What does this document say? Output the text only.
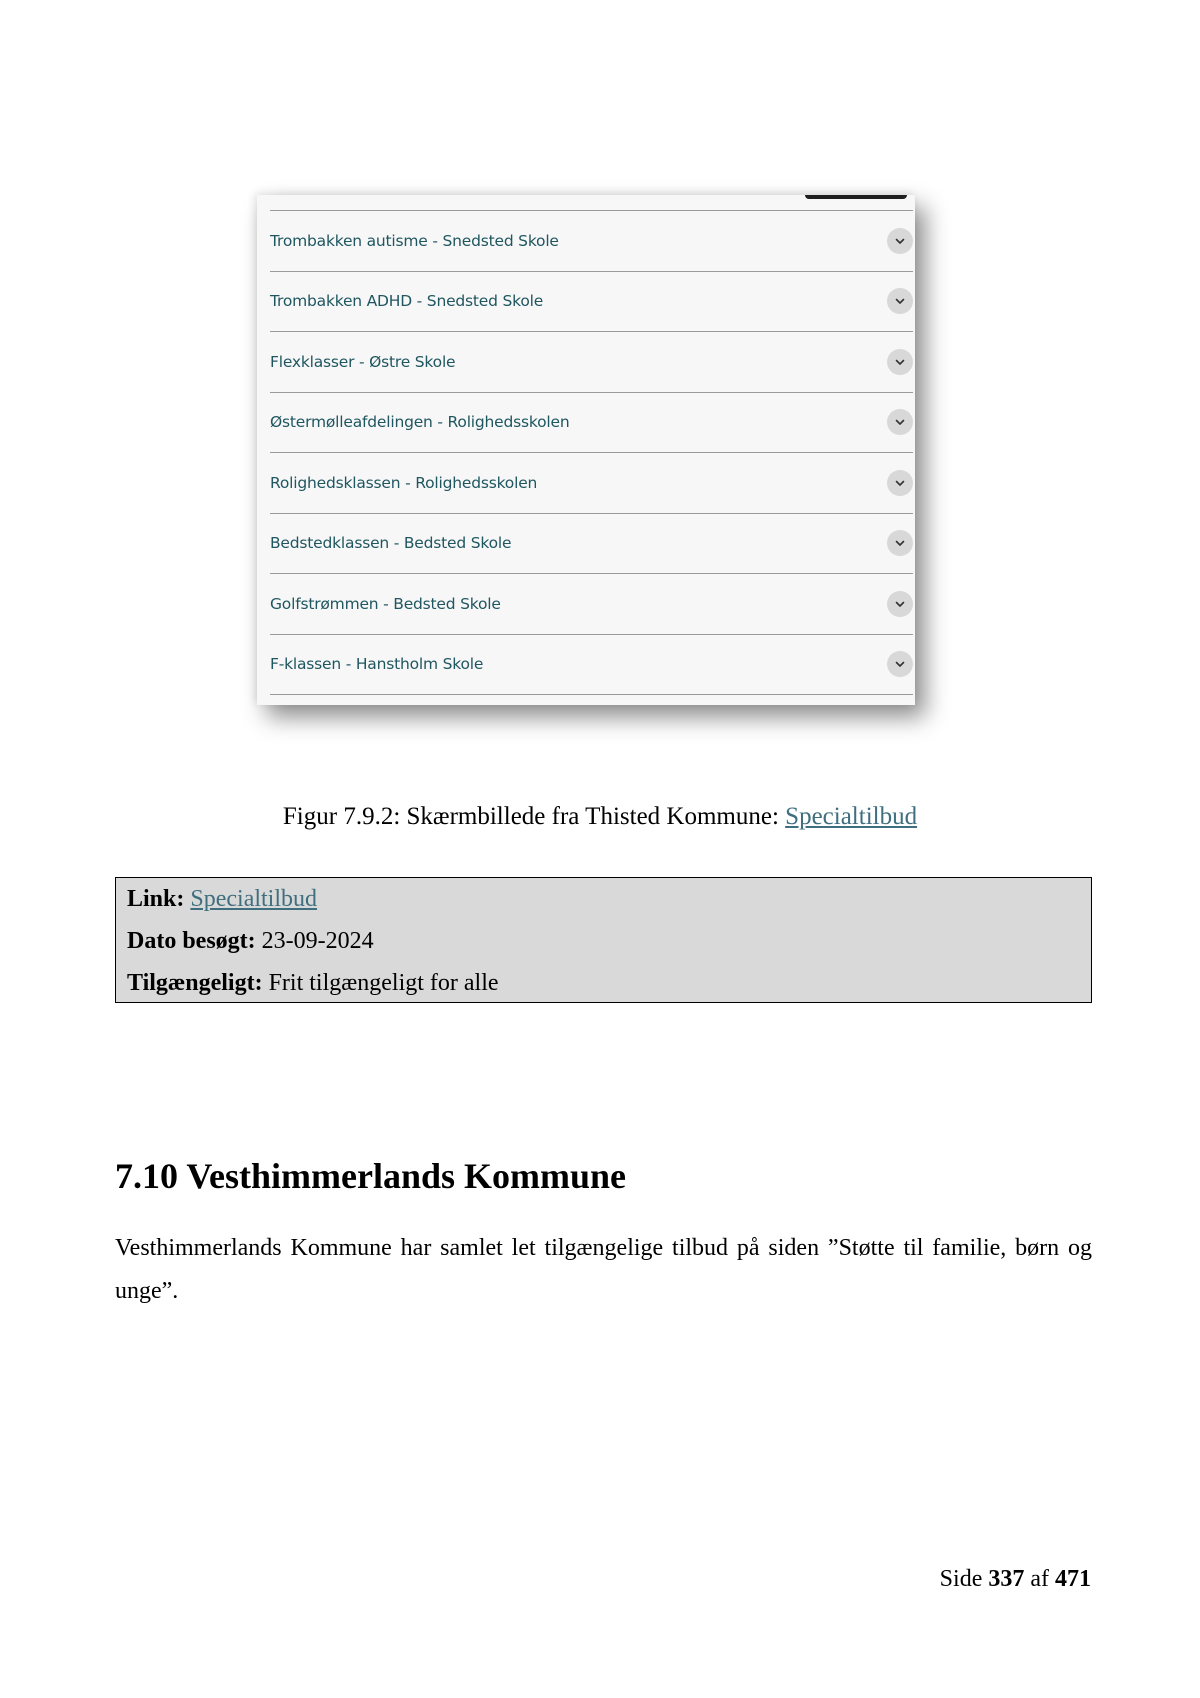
Trombakken autisme - Snedsted Skole
Trombakken ADHD - Snedsted Skole
Flexklasser - Østre Skole
Østermølleafdelingen - Rolighedsskolen
Rolighedsklassen - Rolighedsskolen
Bedstedklassen - Bedsted Skole
Golfstrømmen - Bedsted Skole
F-klassen - Hanstholm Skole
Figur 7.9.2: Skærmbillede fra Thisted Kommune: Specialtilbud
Link: Specialtilbud
Dato besøgt: 23-09-2024
Tilgængeligt: Frit tilgængeligt for alle
7.10 Vesthimmerlands Kommune

Vesthimmerlands Kommune har samlet let tilgængelige tilbud på siden ”Støtte til familie, børn og unge”.

Side 337 af 471
